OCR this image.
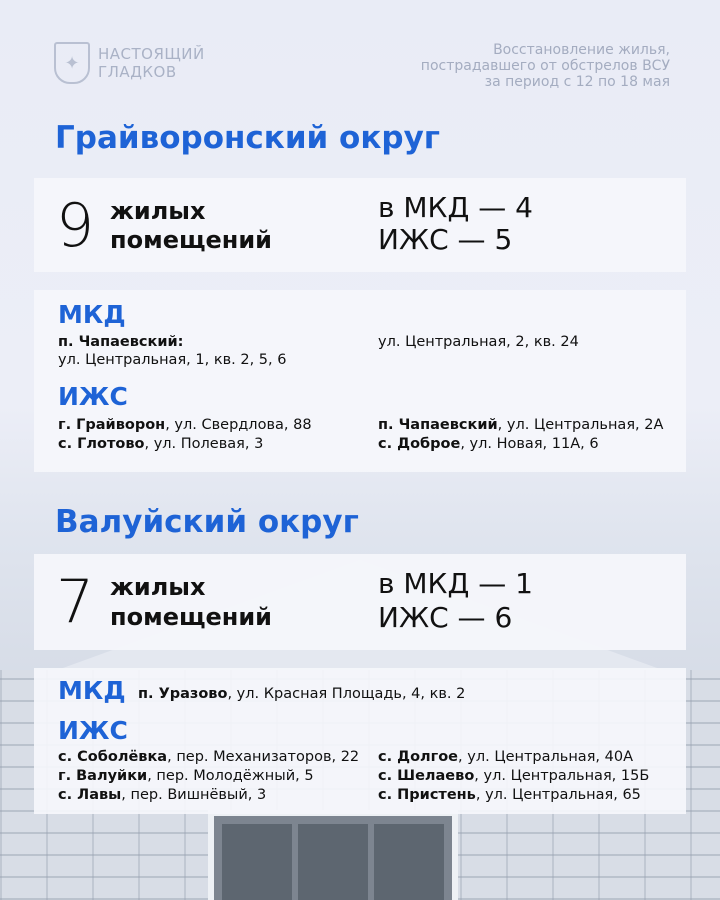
✦	НАСТОЯЩИЙ
ГЛАДКОВ
Восстановление жилья,
пострадавшего от обстрелов ВСУ
за период с 12 по 18 мая
Грайворонский округ
9 жилых
помещений
в МКД — 4
ИЖС — 5
МКД
п. Чапаевский:
ул. Центральная, 1, кв. 2, 5, 6
ул. Центральная, 2, кв. 24
ИЖС
г. Грайворон, ул. Свердлова, 88
с. Глотово, ул. Полевая, 3
п. Чапаевский, ул. Центральная, 2А
с. Доброе, ул. Новая, 11А, 6
Валуйский округ
7 жилых
помещений
в МКД — 1
ИЖС — 6
МКД п. Уразово, ул. Красная Площадь, 4, кв. 2
ИЖС
с. Соболёвка, пер. Механизаторов, 22
г. Валуйки, пер. Молодёжный, 5
с. Лавы, пер. Вишнёвый, 3
с. Долгое, ул. Центральная, 40А
с. Шелаево, ул. Центральная, 15Б
с. Пристень, ул. Центральная, 65
